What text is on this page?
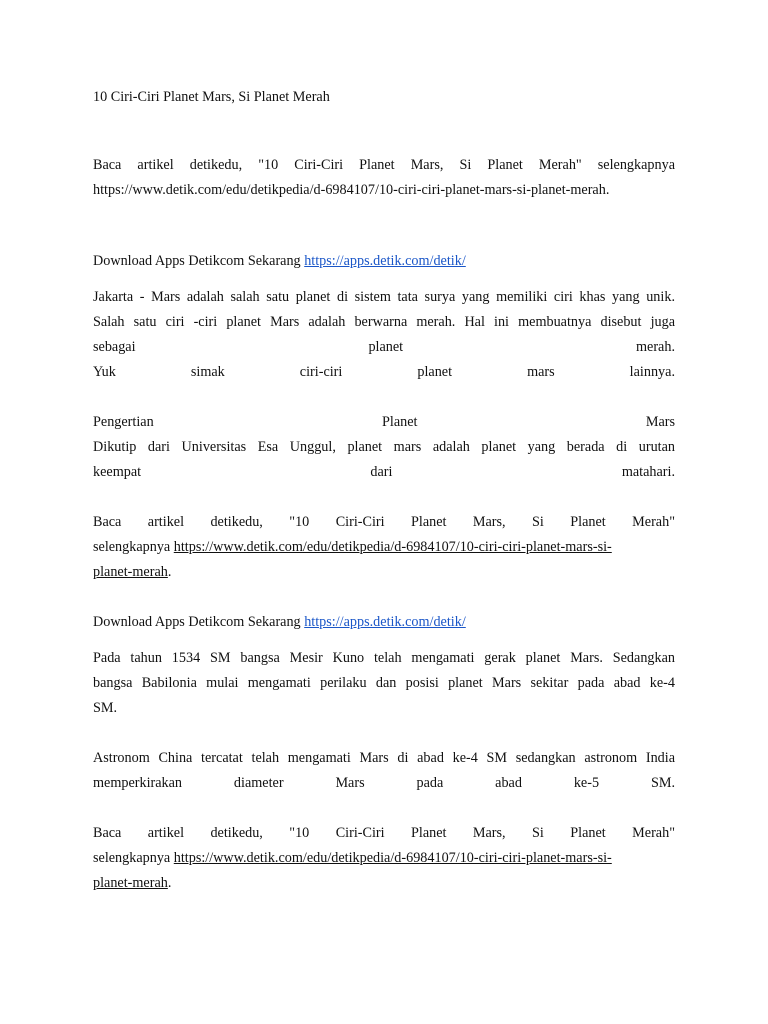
10 Ciri-Ciri Planet Mars, Si Planet Merah
Baca artikel detikedu, "10 Ciri-Ciri Planet Mars, Si Planet Merah" selengkapnya
https://www.detik.com/edu/detikpedia/d-6984107/10-ciri-ciri-planet-mars-si-planet-merah.
Download Apps Detikcom Sekarang https://apps.detik.com/detik/
Jakarta - Mars adalah salah satu planet di sistem tata surya yang memiliki ciri khas yang unik.
Salah satu ciri -ciri planet Mars adalah berwarna merah. Hal ini membuatnya disebut juga
sebagai planet merah.
Yuk simak ciri-ciri planet mars lainnya.
Pengertian Planet Mars
Dikutip dari Universitas Esa Unggul, planet mars adalah planet yang berada di urutan
keempat dari matahari.
Baca artikel detikedu, "10 Ciri-Ciri Planet Mars, Si Planet Merah"
selengkapnya https://www.detik.com/edu/detikpedia/d-6984107/10-ciri-ciri-planet-mars-si-
planet-merah.
Download Apps Detikcom Sekarang https://apps.detik.com/detik/
Pada tahun 1534 SM bangsa Mesir Kuno telah mengamati gerak planet Mars. Sedangkan
bangsa Babilonia mulai mengamati perilaku dan posisi planet Mars sekitar pada abad ke-4
SM.
Astronom China tercatat telah mengamati Mars di abad ke-4 SM sedangkan astronom India
memperkirakan diameter Mars pada abad ke-5 SM.
Baca artikel detikedu, "10 Ciri-Ciri Planet Mars, Si Planet Merah"
selengkapnya https://www.detik.com/edu/detikpedia/d-6984107/10-ciri-ciri-planet-mars-si-
planet-merah.
